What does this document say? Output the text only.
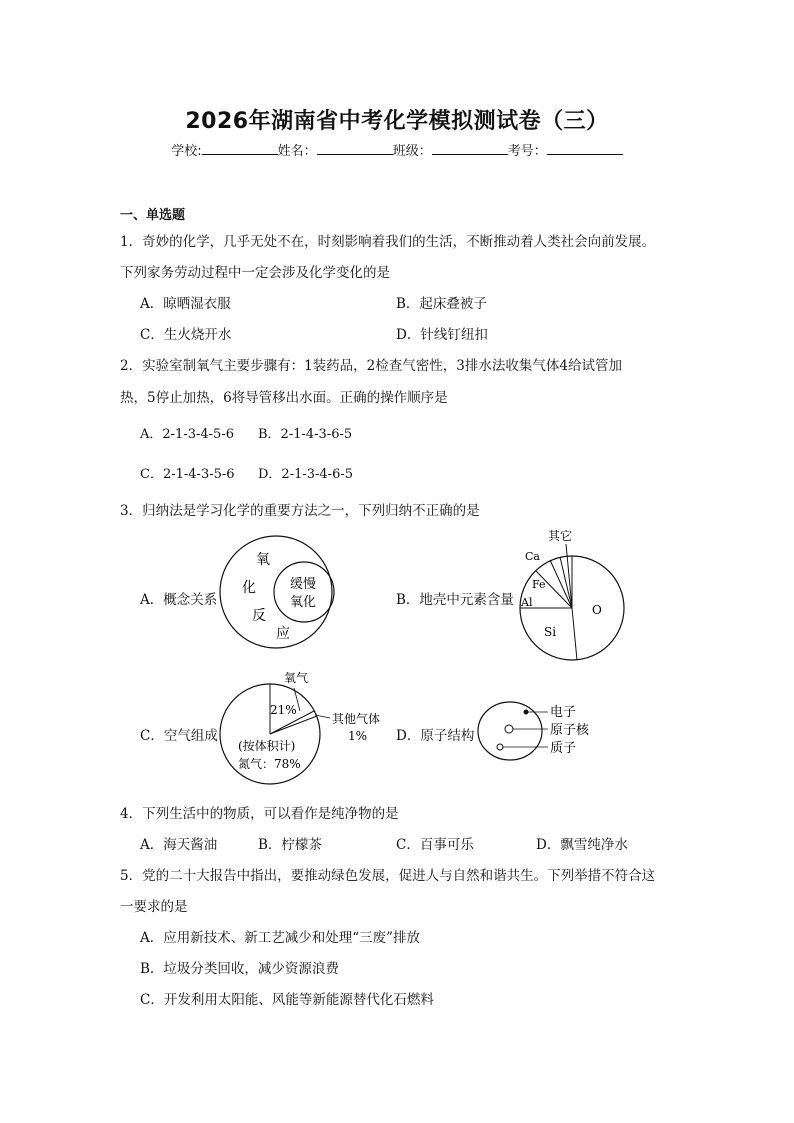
2026年湖南省中考化学模拟测试卷（三）
学校:	姓名：	班级：	考号：
一、单选题
1．奇妙的化学，几乎无处不在，时刻影响着我们的生活，不断推动着人类社会向前发展。
下列家务劳动过程中一定会涉及化学变化的是
A．晾晒湿衣服	B．起床叠被子
C．生火烧开水	D．针线钉纽扣
2．实验室制氧气主要步骤有：1装药品，2检查气密性，3排水法收集气体4给试管加
热，5停止加热，6将导管移出水面。正确的操作顺序是
A．2-1-3-4-5-6 B．2-1-4-3-6-5
C．2-1-4-3-5-6 D．2-1-3-4-6-5
3．归纳法是学习化学的重要方法之一，下列归纳不正确的是
A．概念关系
氧
化
反
应
缓慢
氧化	B．地壳中元素含量
其它
Ca
Fe
Al
O
Si
C．空气组成
氧气
21%
其他气体
1%
(按体积计)
氮气：78%
D．原子结构
电子
原子核
质子
4．下列生活中的物质，可以看作是纯净物的是
A．海天酱油	B．柠檬茶	C．百事可乐	D．飘雪纯净水
5．党的二十大报告中指出，要推动绿色发展，促进人与自然和谐共生。下列举措不符合这
一要求的是
A．应用新技术、新工艺减少和处理“三废”排放
B．垃圾分类回收，减少资源浪费
C．开发利用太阳能、风能等新能源替代化石燃料
